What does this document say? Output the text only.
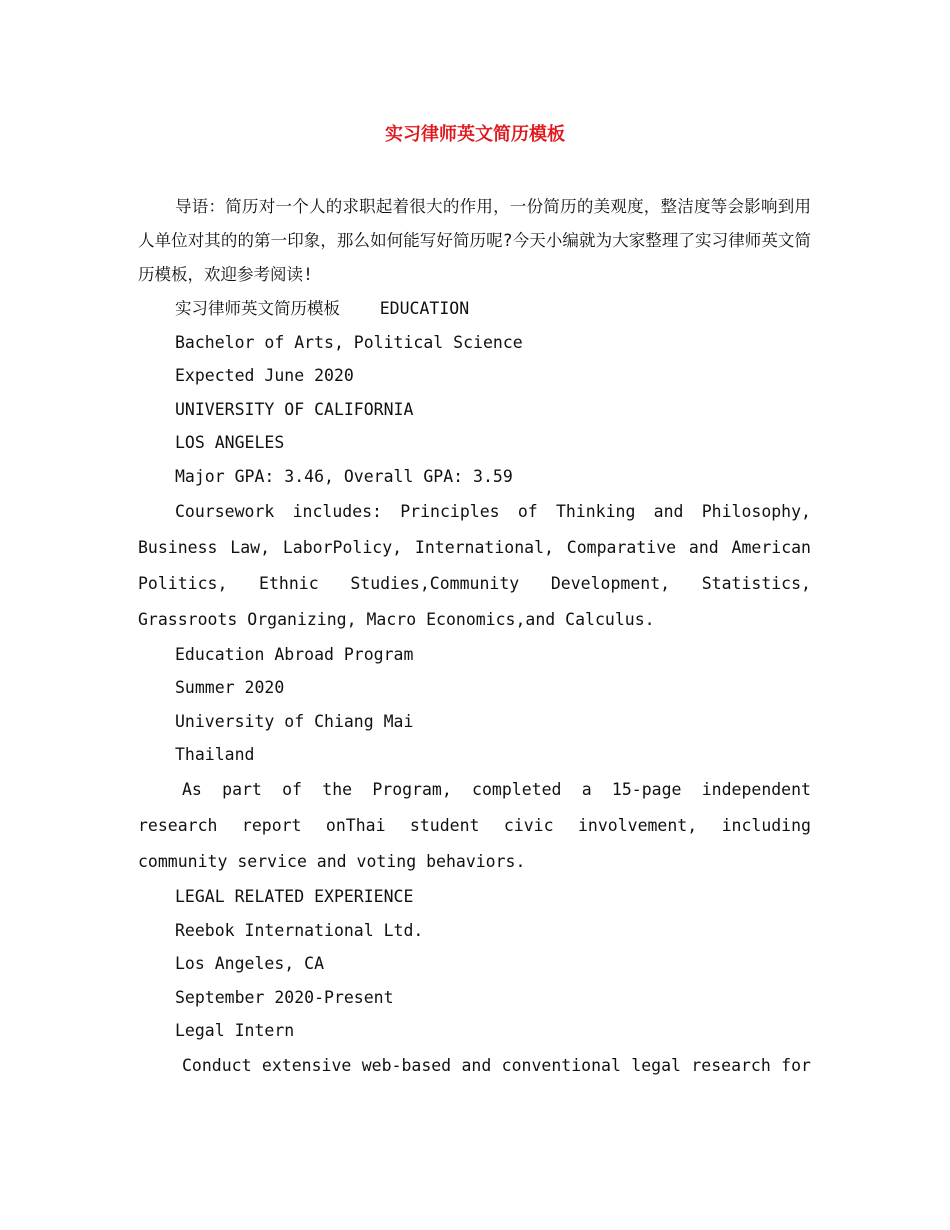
实习律师英文简历模板

导语：简历对一个人的求职起着很大的作用，一份简历的美观度，整洁度等会影响到用人单位对其的的第一印象，那么如何能写好简历呢?今天小编就为大家整理了实习律师英文简历模板，欢迎参考阅读!

实习律师英文简历模板    EDUCATION

Bachelor of Arts, Political Science

Expected June 2020

UNIVERSITY OF CALIFORNIA

LOS ANGELES

Major GPA: 3.46, Overall GPA: 3.59

Coursework includes: Principles of Thinking and Philosophy, Business Law, LaborPolicy, International, Comparative and American Politics, Ethnic Studies,Community Development, Statistics, Grassroots Organizing, Macro Economics,and Calculus.

Education Abroad Program

Summer 2020

University of Chiang Mai

Thailand

As part of the Program, completed a 15-page independent research report onThai student civic involvement, including community service and voting behaviors.

LEGAL RELATED EXPERIENCE

Reebok International Ltd.

Los Angeles, CA

September 2020-Present

Legal Intern

Conduct extensive web-based and conventional legal research for
